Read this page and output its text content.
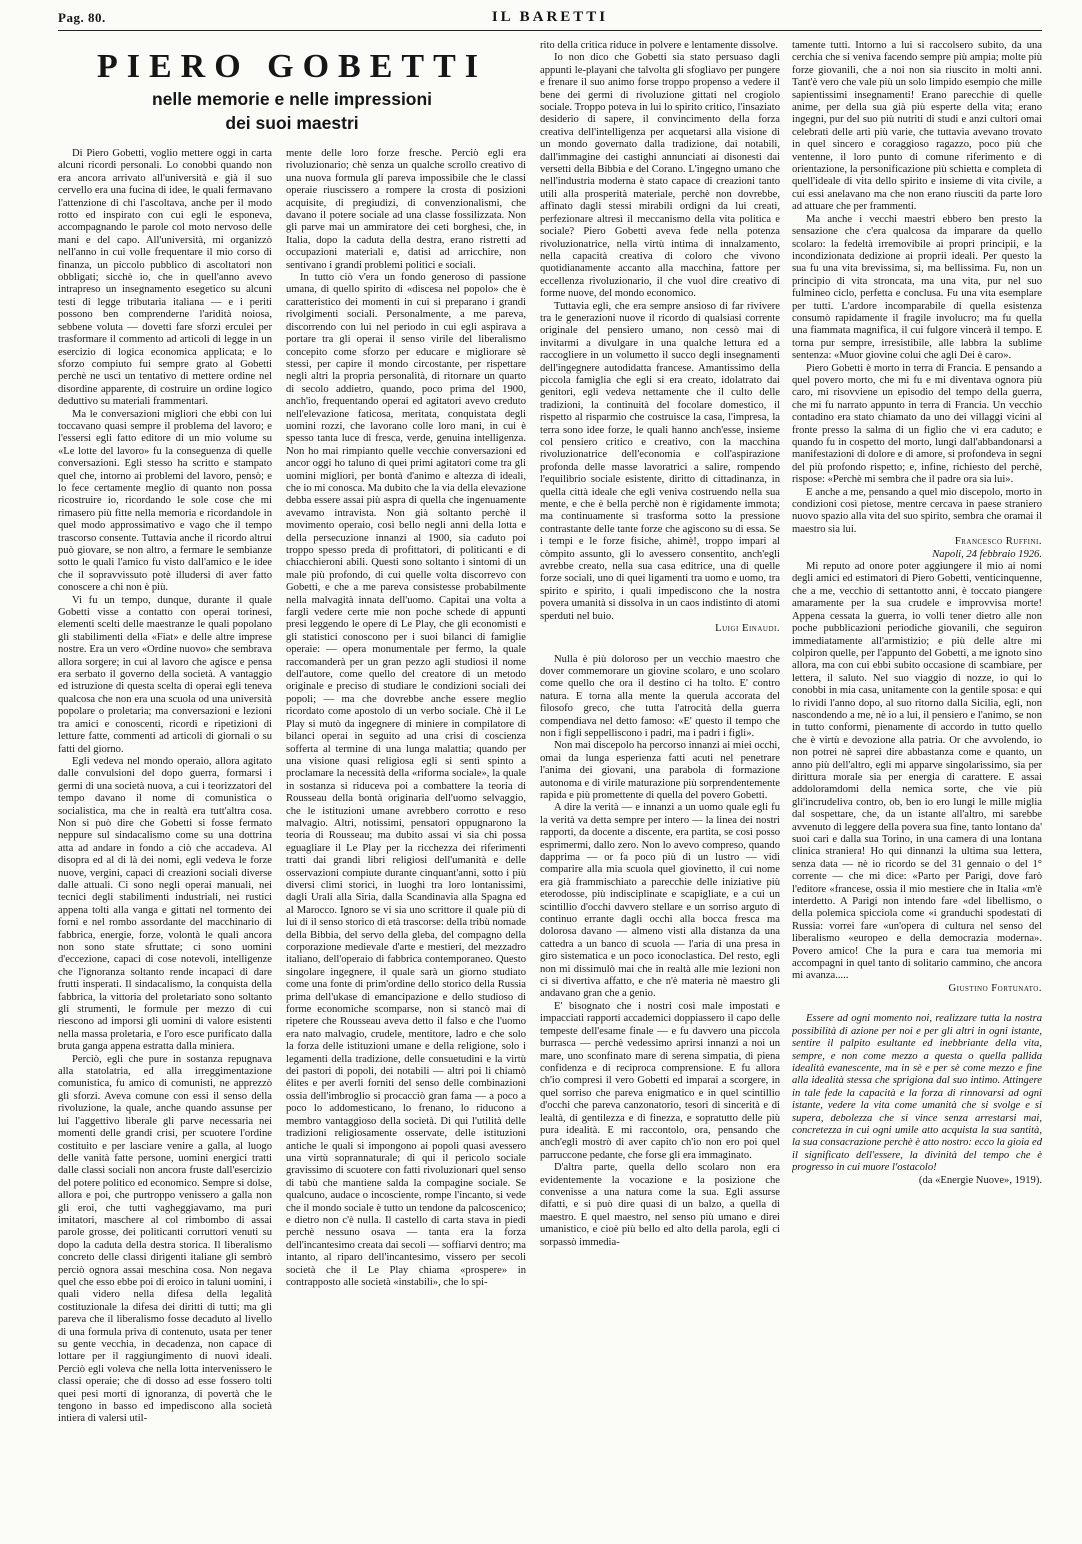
Pag. 80.	IL BARETTI
PIERO GOBETTI
nelle memorie e nelle impressioni
dei suoi maestri

Di Piero Gobetti, voglio mettere oggi in carta alcuni ricordi personali. Lo conobbi quando non era ancora arrivato all'università e già il suo cervello era una fucina di idee, le quali fermavano l'attenzione di chi l'ascoltava, anche per il modo rotto ed inspirato con cui egli le esponeva, accompagnando le parole col moto nervoso delle mani e del capo. All'università, mi organizzò nell'anno in cui volle frequentare il mio corso di finanza, un piccolo pubblico di ascoltatori non obbligati; sicchè io, che in quell'anno avevo intrapreso un insegnamento esegetico su alcuni testi di legge tributaria italiana — e i periti possono ben comprenderne l'aridità noiosa, sebbene voluta — dovetti fare sforzi erculei per trasformare il commento ad articoli di legge in un esercizio di logica economica applicata; e lo sforzo compiuto fui sempre grato al Gobetti perchè ne uscì un tentativo di mettere ordine nel disordine apparente, di costruire un ordine logico deduttivo su materiali frammentari.

Ma le conversazioni migliori che ebbi con lui toccavano quasi sempre il problema del lavoro; e l'essersi egli fatto editore di un mio volume su «Le lotte del lavoro» fu la conseguenza di quelle conversazioni. Egli stesso ha scritto e stampato quel che, intorno ai problemi del lavoro, pensò; e lo fece certamente meglio di quanto non possa ricostruire io, ricordando le sole cose che mi rimasero più fitte nella memoria e ricordandole in quel modo approssimativo e vago che il tempo trascorso consente. Tuttavia anche il ricordo altrui può giovare, se non altro, a fermare le sembianze sotto le quali l'amico fu visto dall'amico e le idee che il sopravvissuto potè illudersi di aver fatto conoscere a chi non è più.

Vi fu un tempo, dunque, durante il quale Gobetti visse a contatto con operai torinesi, elementi scelti delle maestranze le quali popolano gli stabilimenti della «Fiat» e delle altre imprese nostre. Era un vero «Ordine nuovo» che sembrava allora sorgere; in cui al lavoro che agisce e pensa era serbato il governo della società. A vantaggio ed istruzione di questa scelta di operai egli teneva qualcosa che non era una scuola od una università popolare o proletaria; ma conversazioni e lezioni tra amici e conoscenti, ricordi e ripetizioni di letture fatte, commenti ad articoli di giornali o su fatti del giorno.

Egli vedeva nel mondo operaio, allora agitato dalle convulsioni del dopo guerra, formarsi i germi di una società nuova, a cui i teorizzatori del tempo davano il nome di comunistica o socialistica, ma che in realtà era tutt'altra cosa. Non si può dire che Gobetti si fosse fermato neppure sul sindacalismo come su una dottrina atta ad andare in fondo a ciò che accadeva. Al disopra ed al di là dei nomi, egli vedeva le forze nuove, vergini, capaci di creazioni sociali diverse dalle attuali. Ci sono negli operai manuali, nei tecnici degli stabilimenti industriali, nei rustici appena tolti alla vanga e gittati nel tormento dei forni e nel rombo assordante del macchinario di fabbrica, energie, forze, volontà le quali ancora non sono state sfruttate; ci sono uomini d'eccezione, capaci di cose notevoli, intelligenze che l'ignoranza soltanto rende incapaci di dare frutti insperati. Il sindacalismo, la conquista della fabbrica, la vittoria del proletariato sono soltanto gli strumenti, le formule per mezzo di cui riescono ad imporsi gli uomini di valore esistenti nella massa proletaria, e l'oro esce purificato dalla bruta ganga appena estratta dalla miniera.

Perciò, egli che pure in sostanza repugnava alla statolatria, ed alla irreggimentazione comunistica, fu amico di comunisti, ne apprezzò gli sforzi. Aveva comune con essi il senso della rivoluzione, la quale, anche quando assunse per lui l'aggettivo liberale gli parve necessaria nei momenti delle grandi crisi, per scuotere l'ordine costituito e per lasciare venire a galla, al luogo delle vanità fatte persone, uomini energici tratti dalle classi sociali non ancora fruste dall'esercizio del potere politico ed economico. Sempre si dolse, allora e poi, che purtroppo venissero a galla non gli eroi, che tutti vagheggiavamo, ma puri imitatori, maschere al col rimbombo di assai parole grosse, dei politicanti corruttori venuti su dopo la caduta della destra storica. Il liberalismo concreto delle classi dirigenti italiane gli sembrò perciò ognora assai meschina cosa. Non negava quel che esso ebbe poi di eroico in taluni uomini, i quali videro nella difesa della legalità costituzionale la difesa dei diritti di tutti; ma gli pareva che il liberalismo fosse decaduto al livello di una formula priva di contenuto, usata per tener su gente vecchia, in decadenza, non capace di lottare per il raggiungimento di nuovi ideali. Perciò egli voleva che nella lotta intervenissero le classi operaie; che di dosso ad esse fossero tolti quei pesi morti di ignoranza, di povertà che le tengono in basso ed impediscono alla società intiera di valersi util-

mente delle loro forze fresche. Perciò egli era rivoluzionario; chè senza un qualche scrollo creativo di una nuova formula gli pareva impossibile che le classi operaie riuscissero a rompere la crosta di posizioni acquisite, di pregiudizi, di convenzionalismi, che davano il potere sociale ad una classe fossilizzata. Non gli parve mai un ammiratore dei ceti borghesi, che, in Italia, dopo la caduta della destra, erano ristretti ad occupazioni materiali e, datisi ad arricchire, non sentivano i grandi problemi politici e sociali.

In tutto ciò v'era un fondo generoso di passione umana, di quello spirito di «discesa nel popolo» che è caratteristico dei momenti in cui si preparano i grandi rivolgimenti sociali. Personalmente, a me pareva, discorrendo con lui nel periodo in cui egli aspirava a portare tra gli operai il senso virile del liberalismo concepito come sforzo per educare e migliorare sè stessi, per capire il mondo circostante, per rispettare negli altri la propria personalità, di ritornare un quarto di secolo addietro, quando, poco prima del 1900, anch'io, frequentando operai ed agitatori avevo creduto nell'elevazione faticosa, meritata, conquistata degli uomini rozzi, che lavorano colle loro mani, in cui è spesso tanta luce di fresca, verde, genuina intelligenza. Non ho mai rimpianto quelle vecchie conversazioni ed ancor oggi ho taluno di quei primi agitatori come tra gli uomini migliori, per bontà d'animo e altezza di ideali, che io mi conosca. Ma dubito che la via della elevazione debba essere assai più aspra di quella che ingenuamente avevamo intravista. Non già soltanto perchè il movimento operaio, così bello negli anni della lotta e della persecuzione innanzi al 1900, sia caduto poi troppo spesso preda di profittatori, di politicanti e di chiacchieroni abili. Questi sono soltanto i sintomi di un male più profondo, di cui quelle volta discorrevo con Gobetti, e che a me pareva consistesse probabilmente nella malvagità innata dell'uomo. Capitai una volta a fargli vedere certe mie non poche schede di appunti presi leggendo le opere di Le Play, che gli economisti e gli statistici conoscono per i suoi bilanci di famiglie operaie: — opera monumentale per fermo, la quale raccomanderà per un gran pezzo agli studiosi il nome dell'autore, come quello del creatore di un metodo originale e preciso di studiare le condizioni sociali dei popoli; — ma che dovrebbe anche essere meglio ricordato come apostolo di un verbo sociale. Chè il Le Play si mutò da ingegnere di miniere in compilatore di bilanci operai in seguito ad una crisi di coscienza sofferta al termine di una lunga malattia; quando per una visione quasi religiosa egli si sentì spinto a proclamare la necessità della «riforma sociale», la quale in sostanza si riduceva poi a combattere la teoria di Rousseau della bontà originaria dell'uomo selvaggio, che le istituzioni umane avrebbero corrotto e reso malvagio. Altri, notissimi, pensatori oppugnarono la teoria di Rousseau; ma dubito assai vi sia chi possa eguagliare il Le Play per la ricchezza dei riferimenti tratti dai grandi libri religiosi dell'umanità e delle osservazioni compiute durante cinquant'anni, sotto i più diversi climi storici, in luoghi tra loro lontanissimi, dagli Urali alla Siria, dalla Scandinavia alla Spagna ed al Marocco. Ignoro se vi sia uno scrittore il quale più di lui di il senso storico di età trascorse: della tribù nomade della Bibbia, del servo della gleba, del compagno della corporazione medievale d'arte e mestieri, del mezzadro italiano, dell'operaio di fabbrica contemporaneo. Questo singolare ingegnere, il quale sarà un giorno studiato come una fonte di prim'ordine dello storico della Russia prima dell'ukase di emancipazione e dello studioso di forme economiche scomparse, non si stancò mai di ripetere che Rousseau aveva detto il falso e che l'uomo era nato malvagio, crudele, mentitore, ladro e che solo la forza delle istituzioni umane e della religione, solo i legamenti della tradizione, delle consuetudini e la virtù dei pastori di popoli, dei notabili — altri poi li chiamò élites e per averli forniti del senso delle combinazioni ossia dell'imbroglio si procacciò gran fama — a poco a poco lo addomesticano, lo frenano, lo riducono a membro vantaggioso della società. Di qui l'utilità delle tradizioni religiosamente osservate, delle istituzioni antiche le quali si impongono ai popoli quasi avessero una virtù soprannaturale; di qui il pericolo sociale gravissimo di scuotere con fatti rivoluzionari quel senso di tabù che mantiene salda la compagine sociale. Se qualcuno, audace o incosciente, rompe l'incanto, si vede che il mondo sociale è tutto un tendone da palcoscenico; e dietro non c'è nulla. Il castello di carta stava in piedi perchè nessuno osava — tanta era la forza dell'incantesimo creata dai secoli — soffiarvi dentro; ma intanto, al riparo dell'incantesimo, vissero per secoli società che il Le Play chiama «prospere» in contrapposto alle società «instabili», che lo spi-

rito della critica riduce in polvere e lentamente dissolve.

Io non dico che Gobetti sia stato persuaso dagli appunti le-playani che talvolta gli sfogliavo per pungere e frenare il suo animo forse troppo propenso a vedere il bene dei germi di rivoluzione gittati nel crogiolo sociale. Troppo poteva in lui lo spirito critico, l'insaziato desiderio di sapere, il convincimento della forza creativa dell'intelligenza per acquetarsi alla visione di un mondo governato dalla tradizione, dai notabili, dall'immagine dei castighi annunciati ai disonesti dai versetti della Bibbia e del Corano. L'ingegno umano che nell'industria moderna è stato capace di creazioni tanto utili alla prosperità materiale, perchè non dovrebbe, affinato dagli stessi mirabili ordigni da lui creati, perfezionare altresì il meccanismo della vita politica e sociale? Piero Gobetti aveva fede nella potenza rivoluzionatrice, nella virtù intima di innalzamento, nella capacità creativa di coloro che vivono quotidianamente accanto alla macchina, fattore per eccellenza rivoluzionario, il che vuol dire creativo di forme nuove, del mondo economico.

Tuttavia egli, che era sempre ansioso di far rivivere tra le generazioni nuove il ricordo di qualsiasi corrente originale del pensiero umano, non cessò mai di invitarmi a divulgare in una qualche lettura ed a raccogliere in un volumetto il succo degli insegnamenti dell'ingegnere autodidatta francese. Amantissimo della piccola famiglia che egli si era creato, idolatrato dai genitori, egli vedeva nettamente che il culto delle tradizioni, la continuità del focolare domestico, il rispetto al risparmio che costruisce la casa, l'impresa, la terra sono idee forze, le quali hanno anch'esse, insieme col pensiero critico e creativo, con la macchina rivoluzionatrice dell'economia e coll'aspirazione profonda delle masse lavoratrici a salire, rompendo l'equilibrio sociale esistente, diritto di cittadinanza, in quella città ideale che egli veniva costruendo nella sua mente, e che è bella perchè non è rigidamente immota; ma continuamente si trasforma sotto la pressione contrastante delle tante forze che agiscono su di essa. Se i tempi e le forze fisiche, ahimè!, troppo impari al còmpito assunto, gli lo avessero consentito, anch'egli avrebbe creato, nella sua casa editrice, una di quelle forze sociali, uno di quei ligamenti tra uomo e uomo, tra spirito e spirito, i quali impediscono che la nostra povera umanità si dissolva in un caos indistinto di atomi sperduti nel buio.

Luigi Einaudi.

Nulla è più doloroso per un vecchio maestro che dover commemorare un giovine scolaro, e uno scolaro come quello che ora il destino ci ha tolto. E' contro natura. E torna alla mente la querula accorata del filosofo greco, che tutta l'atrocità della guerra compendiava nel detto famoso: «E' questo il tempo che non i figli seppelliscono i padri, ma i padri i figli».

Non mai discepolo ha percorso innanzi ai miei occhi, omai da lunga esperienza fatti acuti nel penetrare l'anima dei giovani, una parabola di formazione autonoma e di virile maturazione più sorprendentemente rapida e più promettente di quella del povero Gobetti.

A dire la verità — e innanzi a un uomo quale egli fu la verità va detta sempre per intero — la linea dei nostri rapporti, da docente a discente, era partita, se così posso esprimermi, dallo zero. Non lo avevo compreso, quando dapprima — or fa poco più di un lustro — vidi comparire alla mia scuola quel giovinetto, il cui nome era già frammischiato a parecchie delle iniziative più eterodosse, più indisciplinate e scapigliate, e a cui un scintillio d'occhi davvero stellare e un sorriso arguto di continuo errante dagli occhi alla bocca fresca ma dolorosa davano — almeno visti alla distanza da una cattedra a un banco di scuola — l'aria di una presa in giro sistematica e un poco iconoclastica. Del resto, egli non mi dissimulò mai che in realtà alle mie lezioni non ci si divertiva affatto, e che n'è materia nè maestro gli andavano gran che a genio.

E' bisognato che i nostri così male impostati e impacciati rapporti accademici doppiassero il capo delle tempeste dell'esame finale — e fu davvero una piccola burrasca — perchè vedessimo aprirsi innanzi a noi un mare, uno sconfinato mare di serena simpatia, di piena confidenza e di reciproca comprensione. E fu allora ch'io compresi il vero Gobetti ed imparai a scorgere, in quel sorriso che pareva enigmatico e in quel scintillio d'occhi che pareva canzonatorio, tesori di sincerità e di lealtà, di gentilezza e di finezza, e sopratutto delle più pura idealità. E mi raccontolo, ora, pensando che anch'egli mostrò di aver capito ch'io non ero poi quel parruccone pedante, che forse gli era immaginato.

D'altra parte, quella dello scolaro non era evidentemente la vocazione e la posizione che convenisse a una natura come la sua. Egli assurse difatti, e si può dire quasi di un balzo, a quella di maestro. E quel maestro, nel senso più umano e direi umanistico, e cioè più bello ed alto della parola, egli ci sorpassò immedia-

tamente tutti. Intorno a lui si raccolsero subito, da una cerchia che si veniva facendo sempre più ampia; molte più forze giovanili, che a noi non sia riuscito in molti anni. Tant'è vero che vale più un solo limpido esempio che mille sapientissimi insegnamenti! Erano parecchie di quelle anime, per della sua già più esperte della vita; erano ingegni, pur del suo più nutriti di studi e anzi cultori omai celebrati delle arti più varie, che tuttavia avevano trovato in quel sincero e coraggioso ragazzo, poco più che ventenne, il loro punto di comune riferimento e di orientazione, la personificazione più schietta e completa di quell'ideale di vita dello spirito e insieme di vita civile, a cui essi anelavano ma che non erano riusciti da parte loro ad attuare che per frammenti.

Ma anche i vecchi maestri ebbero ben presto la sensazione che c'era qualcosa da imparare da quello scolaro: la fedeltà irremovibile ai propri principii, e la incondizionata dedizione ai proprii ideali. Per questo la sua fu una vita brevissima, sì, ma bellissima. Fu, non un principio di vita stroncata, ma una vita, pur nel suo fulmineo ciclo, perfetta e conclusa. Fu una vita esemplare per tutti. L'ardore incomparabile di quella esistenza consumò rapidamente il fragile involucro; ma fu quella una fiammata magnifica, il cui fulgore vincerà il tempo. E torna pur sempre, irresistibile, alle labbra la sublime sentenza: «Muor giovine colui che agli Dei è caro».

Piero Gobetti è morto in terra di Francia. E pensando a quel povero morto, che mi fu e mi diventava ognora più caro, mi risovviene un episodio del tempo della guerra, che mi fu narrato appunto in terra di Francia. Un vecchio contadino era stato chiamato da uno dei villaggi vicini al fronte presso la salma di un figlio che vi era caduto; e quando fu in cospetto del morto, lungi dall'abbandonarsi a manifestazioni di dolore e di amore, si profondeva in segni del più profondo rispetto; e, infine, richiesto del perchè, rispose: «Perchè mi sembra che il padre ora sia lui».

E anche a me, pensando a quel mio discepolo, morto in condizioni così pietose, mentre cercava in paese straniero nuovo spazio alla vita del suo spirito, sembra che oramai il maestro sia lui.

Francesco Ruffini.

Napoli, 24 febbraio 1926.

Mi reputo ad onore poter aggiungere il mio ai nomi degli amici ed estimatori di Piero Gobetti, venticinquenne, che a me, vecchio di settantotto anni, è toccato piangere amaramente per la sua crudele e improvvisa morte! Appena cessata la guerra, io volli tener dietro alle non poche pubblicazioni periodiche giovanili, che seguiron immediatamente all'armistizio; e più delle altre mi colpiron quelle, per l'appunto del Gobetti, a me ignoto sino allora, ma con cui ebbi subito occasione di scambiare, per lettera, il saluto. Nel suo viaggio di nozze, io qui lo conobbi in mia casa, unitamente con la gentile sposa: e qui lo rividi l'anno dopo, al suo ritorno dalla Sicilia, egli, non nascondendo a me, nè io a lui, il pensiero e l'animo, se non in tutto conformi, pienamente di accordo in tutto quello che è virtù e devozione alla patria. Or che avvolendo, io non potrei nè saprei dire abbastanza come e quanto, un anno più dell'altro, egli mi apparve singolarissimo, sia per dirittura morale sia per energia di carattere. E assai addoloramdomi della nemica sorte, che vie più gli'incrudeliva contro, ob, ben io ero lungi le mille miglia dal sospettare, che, da un istante all'altro, mi sarebbe avvenuto di leggere della povera sua fine, tanto lontano da' suoi cari e dalla sua Torino, in una camera di una lontana clinica straniera! Ho qui dinnanzi la ultima sua lettera, senza data — nè io ricordo se del 31 gennaio o del 1° corrente — che mi dice: «Parto per Parigi, dove farò l'editore «francese, ossia il mio mestiere che in Italia «m'è interdetto. A Parigi non intendo fare «del libellismo, o della polemica spicciola come «i granduchi spodestati di Russia: vorrei fare «un'opera di cultura nel senso del liberalismo «europeo e della democrazia moderna». Povero amico! Che la pura e cara tua memoria mi accompagni in quel tanto di solitario cammino, che ancora mi avanza.....

Giustino Fortunato.

Essere ad ogni momento noi, realizzare tutta la nostra possibilità di azione per noi e per gli altri in ogni istante, sentire il palpito esultante ed inebbriante della vita, sempre, e non come mezzo a questa o quella pallida idealità evanescente, ma in sè e per sè come mezzo e fine alla idealità stessa che sprigiona dal suo intimo. Attingere in tale fede la capacità e la forza di rinnovarsi ad ogni istante, vedere la vita come umanità che si svolge e si supera, debolezza che si vince senza arrestarsi mai, concretezza in cui ogni umile atto acquista la sua santità, la sua consacrazione perchè è atto nostro: ecco la gioia ed il significato dell'essere, la divinità del tempo che è progresso in cui muore l'ostacolo!

(da «Energie Nuove», 1919).
